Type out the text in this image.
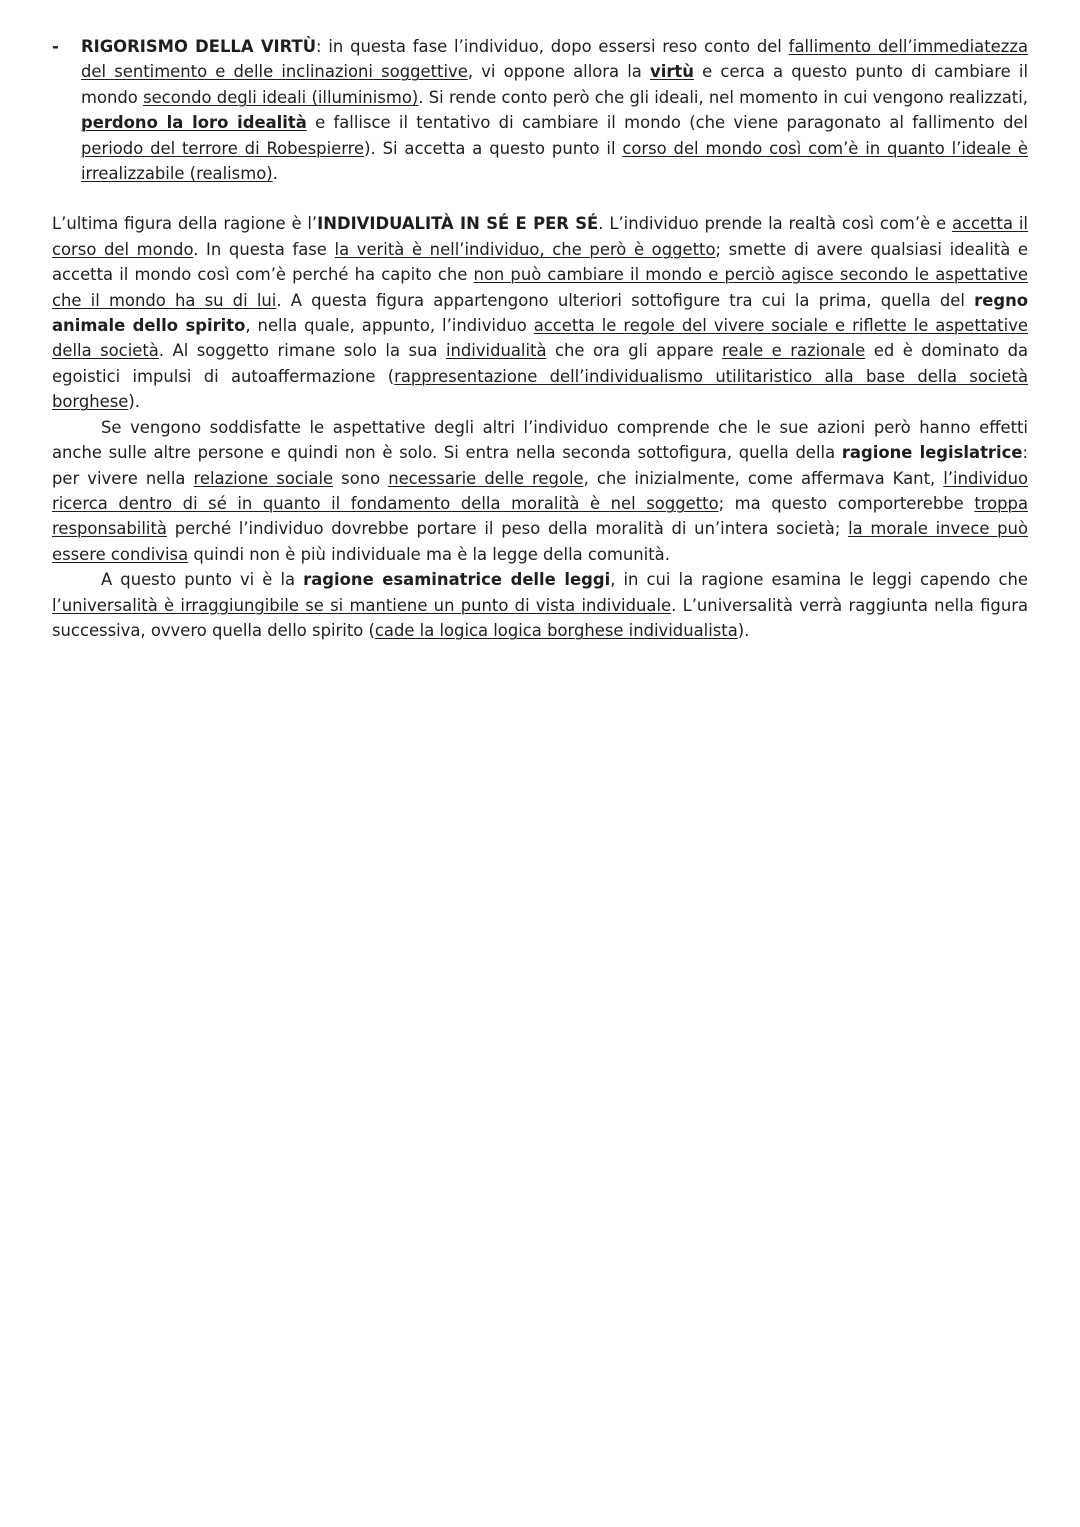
- RIGORISMO DELLA VIRTÙ: in questa fase l’individuo, dopo essersi reso conto del fallimento dell’immediatezza del sentimento e delle inclinazioni soggettive, vi oppone allora la virtù e cerca a questo punto di cambiare il mondo secondo degli ideali (illuminismo). Si rende conto però che gli ideali, nel momento in cui vengono realizzati, perdono la loro idealità e fallisce il tentativo di cambiare il mondo (che viene paragonato al fallimento del periodo del terrore di Robespierre). Si accetta a questo punto il corso del mondo così com’è in quanto l’ideale è irrealizzabile (realismo).

L’ultima figura della ragione è l’INDIVIDUALITÀ IN SÉ E PER SÉ. L’individuo prende la realtà così com’è e accetta il corso del mondo. In questa fase la verità è nell’individuo, che però è oggetto; smette di avere qualsiasi idealità e accetta il mondo così com’è perché ha capito che non può cambiare il mondo e perciò agisce secondo le aspettative che il mondo ha su di lui. A questa figura appartengono ulteriori sottofigure tra cui la prima, quella del regno animale dello spirito, nella quale, appunto, l’individuo accetta le regole del vivere sociale e riflette le aspettative della società. Al soggetto rimane solo la sua individualità che ora gli appare reale e razionale ed è dominato da egoistici impulsi di autoaffermazione (rappresentazione dell’individualismo utilitaristico alla base della società borghese).

Se vengono soddisfatte le aspettative degli altri l’individuo comprende che le sue azioni però hanno effetti anche sulle altre persone e quindi non è solo. Si entra nella seconda sottofigura, quella della ragione legislatrice: per vivere nella relazione sociale sono necessarie delle regole, che inizialmente, come affermava Kant, l’individuo ricerca dentro di sé in quanto il fondamento della moralità è nel soggetto; ma questo comporterebbe troppa responsabilità perché l’individuo dovrebbe portare il peso della moralità di un’intera società; la morale invece può essere condivisa quindi non è più individuale ma è la legge della comunità.

A questo punto vi è la ragione esaminatrice delle leggi, in cui la ragione esamina le leggi capendo che l’universalità è irraggiungibile se si mantiene un punto di vista individuale. L’universalità verrà raggiunta nella figura successiva, ovvero quella dello spirito (cade la logica logica borghese individualista).
